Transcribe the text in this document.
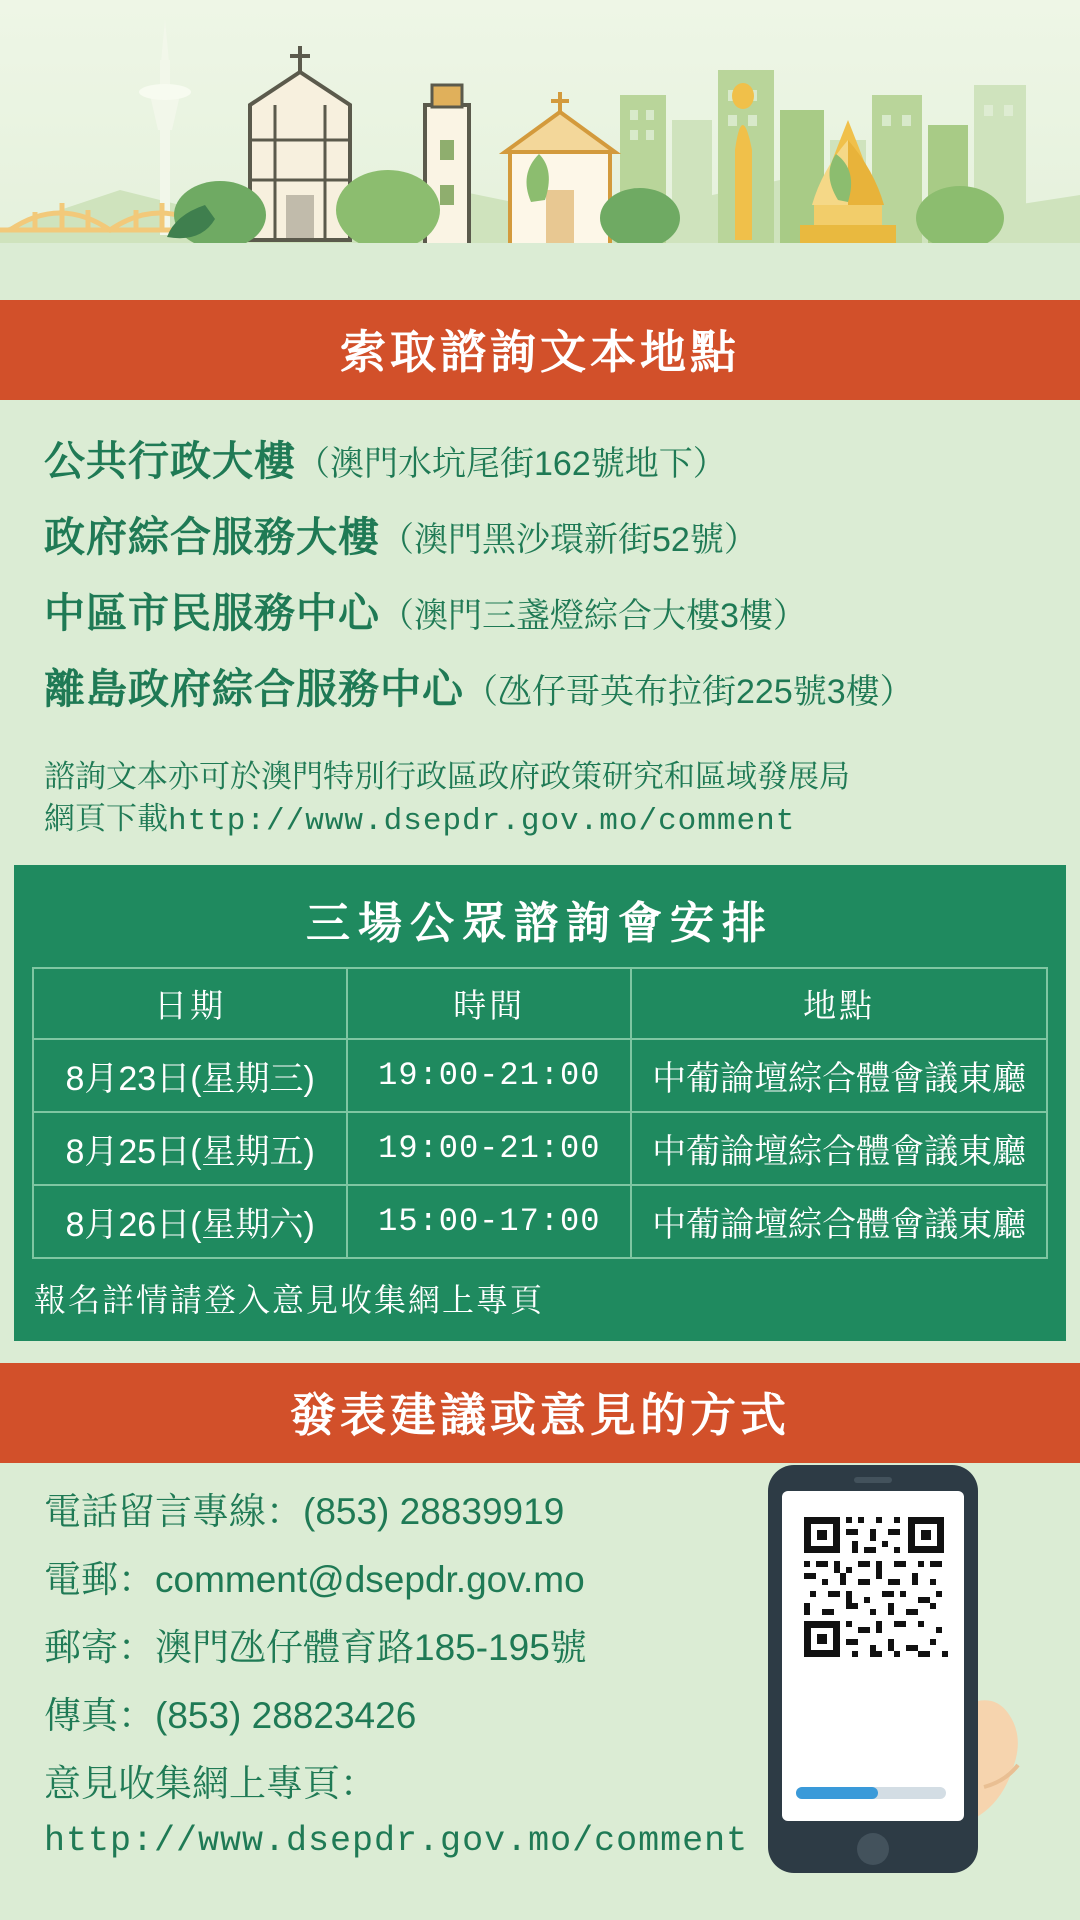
索取諮詢文本地點
公共行政大樓（澳門水坑尾街162號地下）
政府綜合服務大樓（澳門黑沙環新街52號）
中區市民服務中心（澳門三盞燈綜合大樓3樓）
離島政府綜合服務中心（氹仔哥英布拉街225號3樓）
諮詢文本亦可於澳門特別行政區政府政策研究和區域發展局
網頁下載http://www.dsepdr.gov.mo/comment
三場公眾諮詢會安排
日期	時間	地點
8月23日(星期三)	19:00-21:00	中葡論壇綜合體會議東廳
8月25日(星期五)	19:00-21:00	中葡論壇綜合體會議東廳
8月26日(星期六)	15:00-17:00	中葡論壇綜合體會議東廳
報名詳情請登入意見收集網上專頁
發表建議或意見的方式
電話留言專線：(853) 28839919
電郵：comment@dsepdr.gov.mo
郵寄：澳門氹仔體育路185-195號
傳真：(853) 28823426
意見收集網上專頁：
http://www.dsepdr.gov.mo/comment
